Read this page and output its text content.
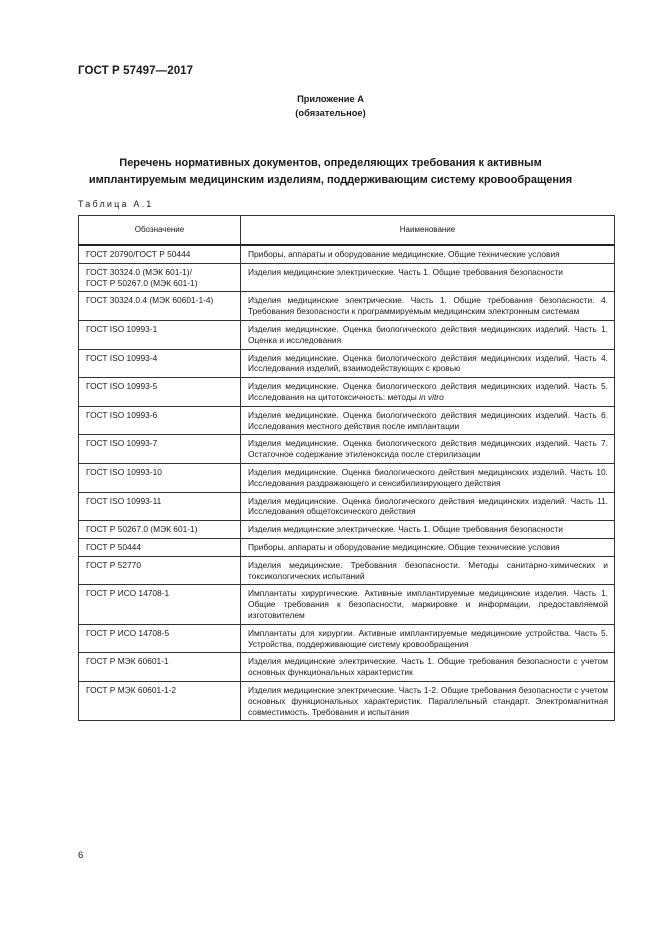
ГОСТ Р 57497—2017
Приложение А
(обязательное)
Перечень нормативных документов, определяющих требования к активным
имплантируемым медицинским изделиям, поддерживающим систему кровообращения
Таблица А.1
Обозначение	Наименование
ГОСТ 20790/ГОСТ Р 50444	Приборы, аппараты и оборудование медицинские. Общие технические условия
ГОСТ 30324.0 (МЭК 601-1)/
ГОСТ Р 50267.0 (МЭК 601-1)	Изделия медицинские электрические. Часть 1. Общие требования безопасности
ГОСТ 30324.0.4 (МЭК 60601-1-4)	Изделия медицинские электрические. Часть 1. Общие требования безопасности. 4. Требования безопасности к программируемым медицинским электронным системам
ГОСТ ISO 10993-1	Изделия медицинские. Оценка биологического действия медицинских изделий. Часть 1. Оценка и исследования
ГОСТ ISO 10993-4	Изделия медицинские. Оценка биологического действия медицинских изделий. Часть 4. Исследования изделий, взаимодействующих с кровью
ГОСТ ISO 10993-5	Изделия медицинские. Оценка биологического действия медицинских изделий. Часть 5. Исследования на цитотоксичность: методы in vitro
ГОСТ ISO 10993-6	Изделия медицинские. Оценка биологического действия медицинских изделий. Часть 6. Исследования местного действия после имплантации
ГОСТ ISO 10993-7	Изделия медицинские. Оценка биологического действия медицинских изделий. Часть 7. Остаточное содержание этиленоксида после стерилизации
ГОСТ ISO 10993-10	Изделия медицинские. Оценка биологического действия медицинских изделий. Часть 10. Исследования раздражающего и сенсибилизирующего действия
ГОСТ ISO 10993-11	Изделия медицинские. Оценка биологического действия медицинских изделий. Часть 11. Исследования общетоксического действия
ГОСТ Р 50267.0 (МЭК 601-1)	Изделия медицинские электрические. Часть 1. Общие требования безопасности
ГОСТ Р 50444	Приборы, аппараты и оборудование медицинские. Общие технические условия
ГОСТ Р 52770	Изделия медицинские. Требования безопасности. Методы санитарно-химических и токсикологических испытаний
ГОСТ Р ИСО 14708-1	Имплантаты хирургические. Активные имплантируемые медицинские изделия. Часть 1. Общие требования к безопасности, маркировке и информации, предоставляемой изготовителем
ГОСТ Р ИСО 14708-5	Имплантаты для хирургии. Активные имплантируемые медицинские устройства. Часть 5. Устройства, поддерживающие систему кровообращения
ГОСТ Р МЭК 60601-1	Изделия медицинские электрические. Часть 1. Общие требования безопасности с учетом основных функциональных характеристик
ГОСТ Р МЭК 60601-1-2	Изделия медицинские электрические. Часть 1-2. Общие требования безопасности с учетом основных функциональных характеристик. Параллельный стандарт. Электромагнитная совместимость. Требования и испытания
6
